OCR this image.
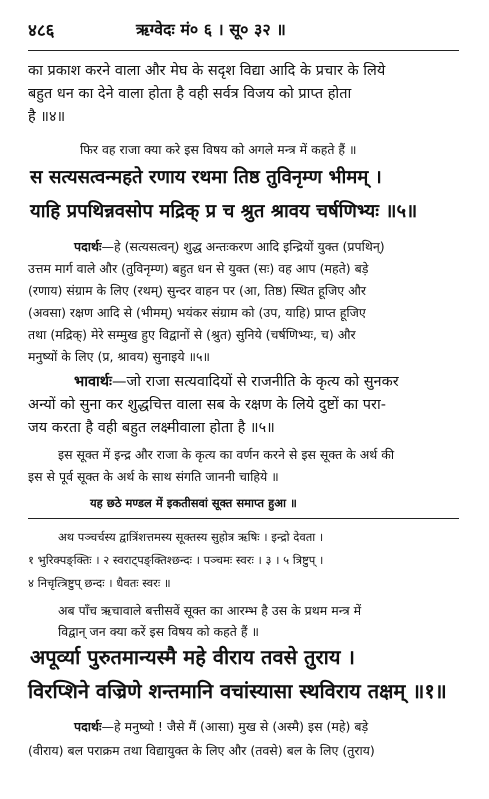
४८६	ऋग्वेदः मं० ६ । सू० ३२ ॥
का प्रकाश करने वाला और मेघ के सदृश विद्या आदि के प्रचार के लिये
बहुत धन का देने वाला होता है वही सर्वत्र विजय को प्राप्त होता
है ॥४॥
फिर वह राजा क्या करे इस विषय को अगले मन्त्र में कहते हैं ॥
स सत्यसत्वन्महते रणाय रथमा तिष्ठ तुविनृम्ण भीमम् ।
याहि प्रपथिन्नवसोप मद्रिक् प्र च श्रुत श्रावय चर्षणिभ्यः ॥५॥
पदार्थः—हे (सत्यसत्वन्) शुद्ध अन्तःकरण आदि इन्द्रियों युक्त (प्रपथिन्)
उत्तम मार्ग वाले और (तुविनृम्ण) बहुत धन से युक्त (सः) वह आप (महते) बड़े
(रणाय) संग्राम के लिए (रथम्) सुन्दर वाहन पर (आ, तिष्ठ) स्थित हूजिए और
(अवसा) रक्षण आदि से (भीमम्) भयंकर संग्राम को (उप, याहि) प्राप्त हूजिए
तथा (मद्रिक्) मेरे सम्मुख हुए विद्वानों से (श्रुत) सुनिये (चर्षणिभ्यः, च) और
मनुष्यों के लिए (प्र, श्रावय) सुनाइये ॥५॥
भावार्थः—जो राजा सत्यवादियों से राजनीति के कृत्य को सुनकर
अन्यों को सुना कर शुद्धचित्त वाला सब के रक्षण के लिये दुष्टों का परा-
जय करता है वही बहुत लक्ष्मीवाला होता है ॥५॥
इस सूक्त में इन्द्र और राजा के कृत्य का वर्णन करने से इस सूक्त के अर्थ की
इस से पूर्व सूक्त के अर्थ के साथ संगति जाननी चाहिये ॥
यह छठे मण्डल में इकतीसवां सूक्त समाप्त हुआ ॥
अथ पञ्चर्चस्य द्वात्रिंशत्तमस्य सूक्तस्य सुहोत्र ऋषिः । इन्द्रो देवता ।
१ भुरिक्पङ्क्तिः । २ स्वराट्पङ्क्तिश्छन्दः । पञ्चमः स्वरः । ३ । ५ त्रिष्टुप् ।
४ निचृत्त्रिष्टुप् छन्दः । धैवतः स्वरः ॥
अब पाँच ऋचावाले बत्तीसवें सूक्त का आरम्भ है उस के प्रथम मन्त्र में
विद्वान् जन क्या करें इस विषय को कहते हैं ॥
अपूर्व्या पुरुतमान्यस्मै महे वीराय तवसे तुराय ।
विरप्शिने वज्रिणे शन्तमानि वचांस्यासा स्थविराय तक्षम् ॥१॥
पदार्थः—हे मनुष्यो ! जैसे मैं (आसा) मुख से (अस्मै) इस (महे) बड़े
(वीराय) बल पराक्रम तथा विद्यायुक्त के लिए और (तवसे) बल के लिए (तुराय)
